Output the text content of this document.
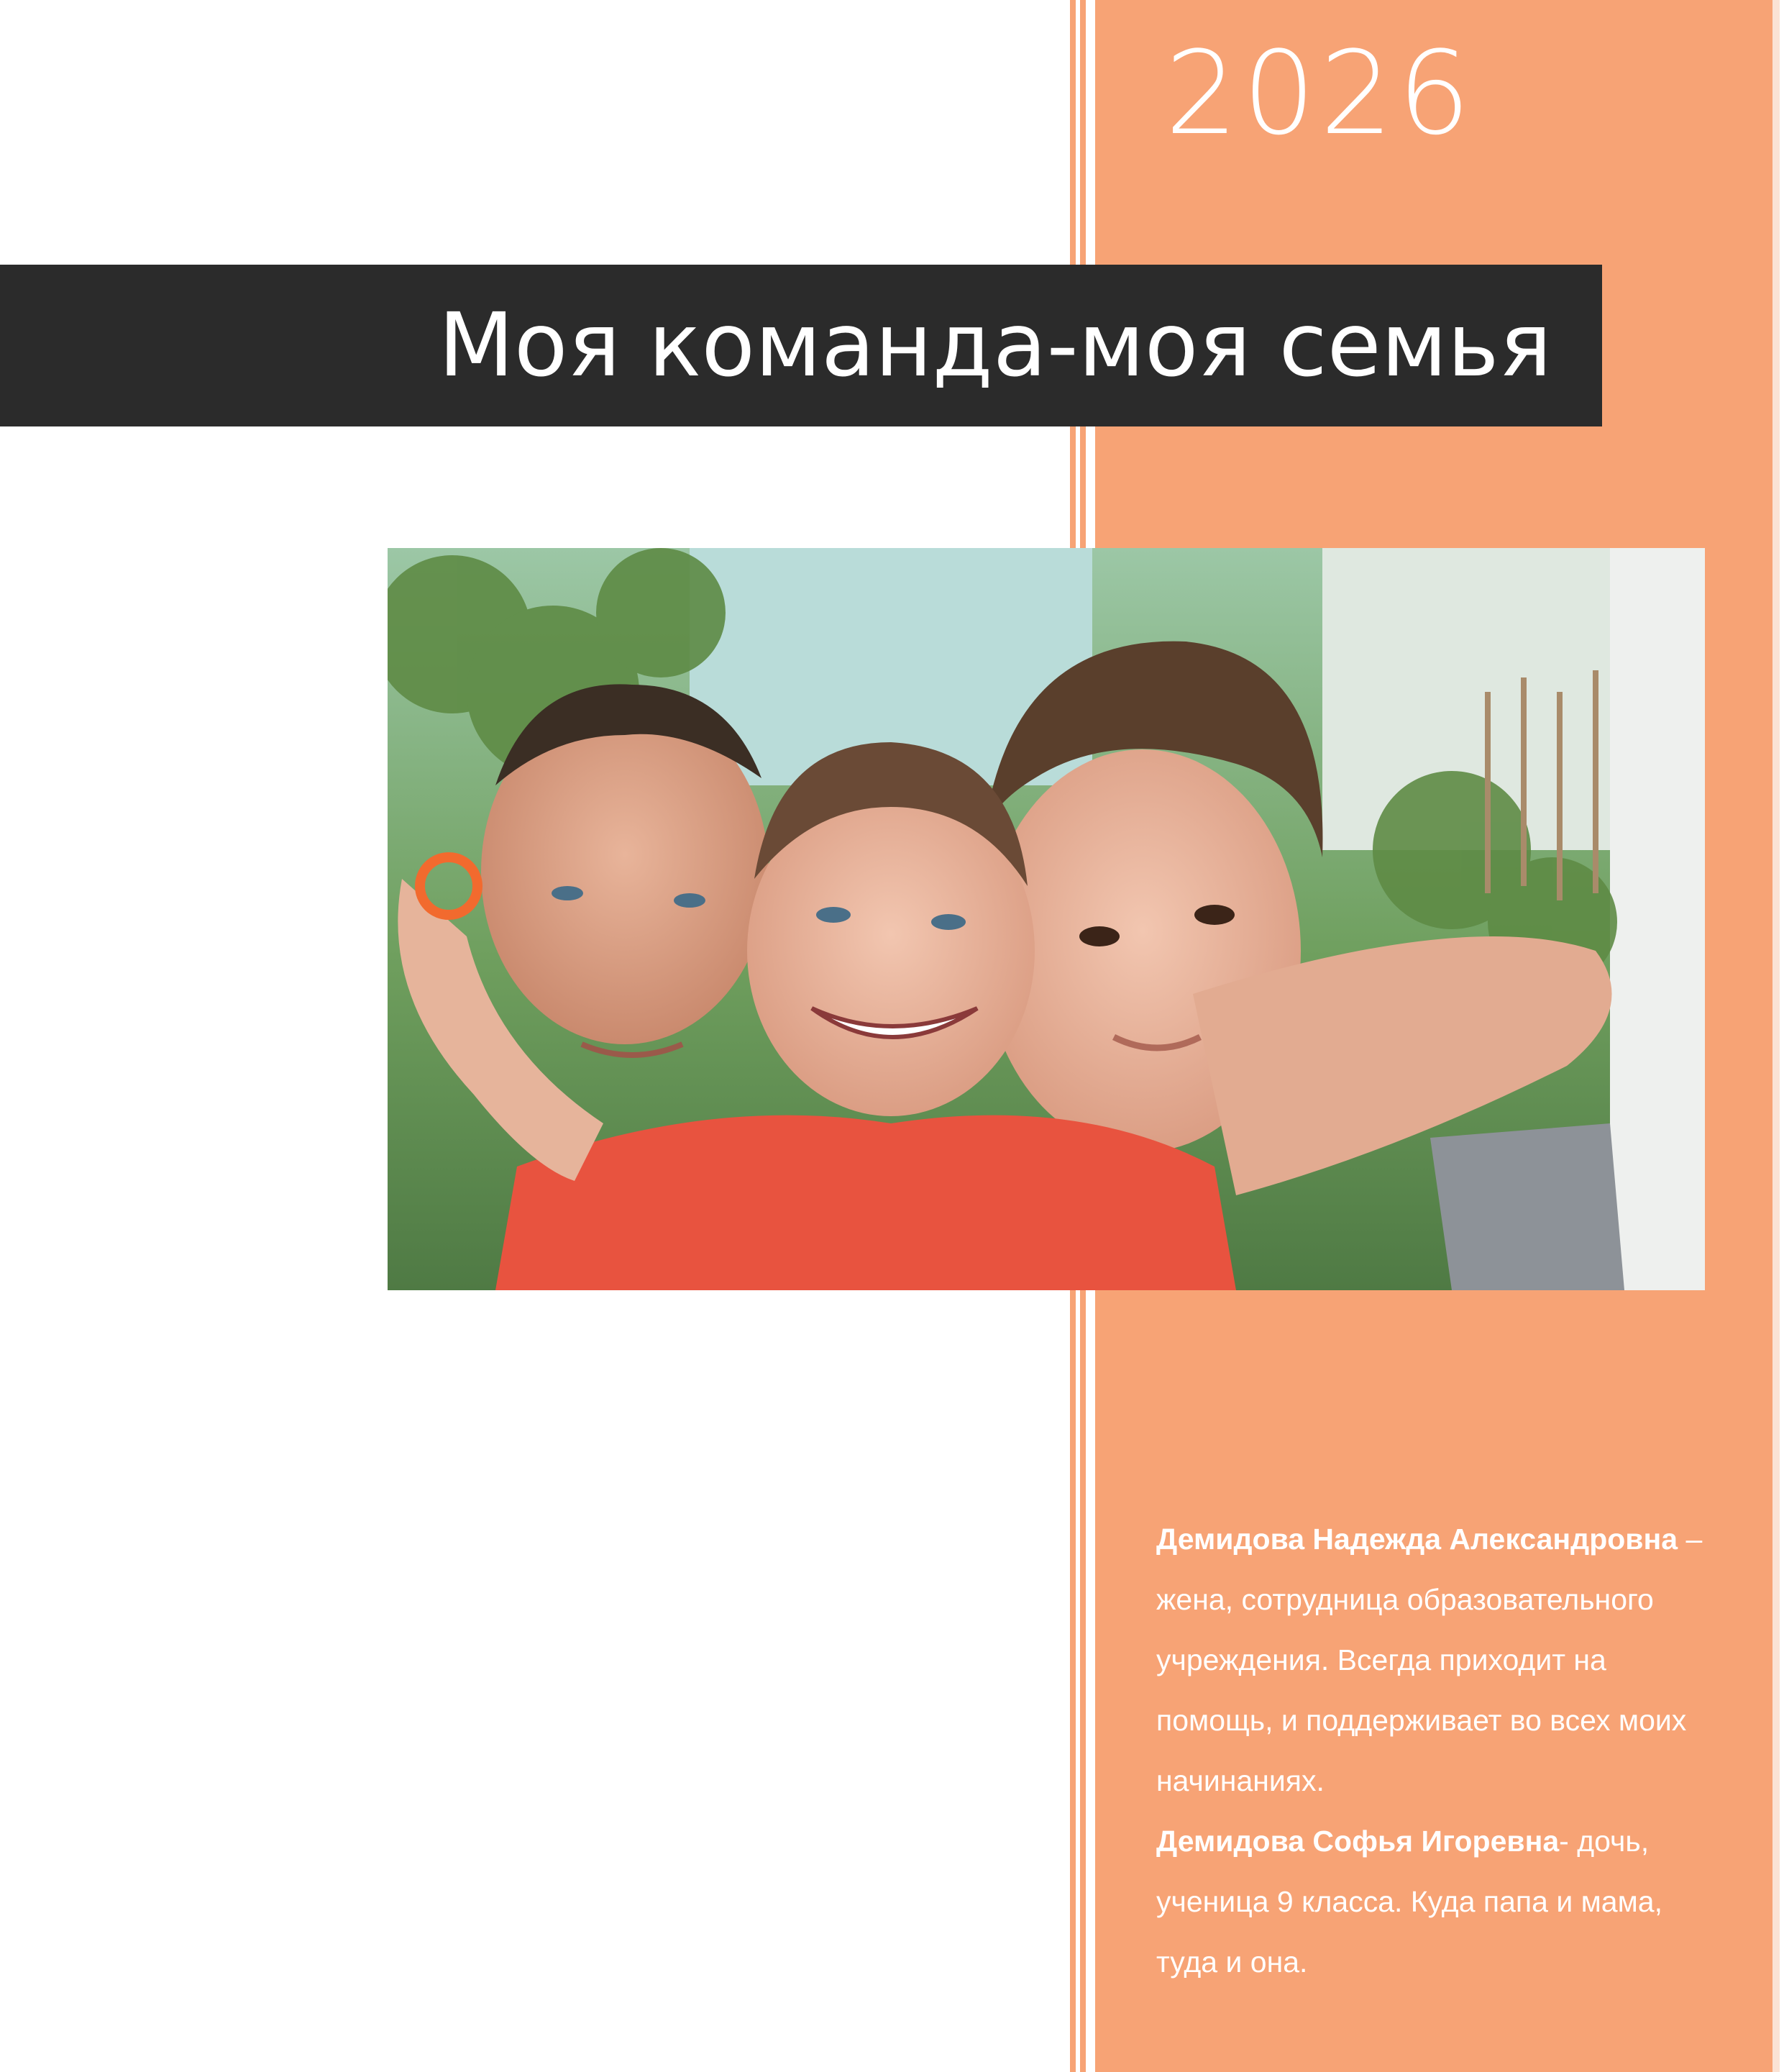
2026
Моя команда-моя семья

Демидова Надежда Александровна – жена, сотрудница образовательного учреждения. Всегда приходит на помощь, и поддерживает во всех моих начинаниях.

Демидова Софья Игоревна- дочь, ученица 9 класса. Куда папа и мама, туда и она.
